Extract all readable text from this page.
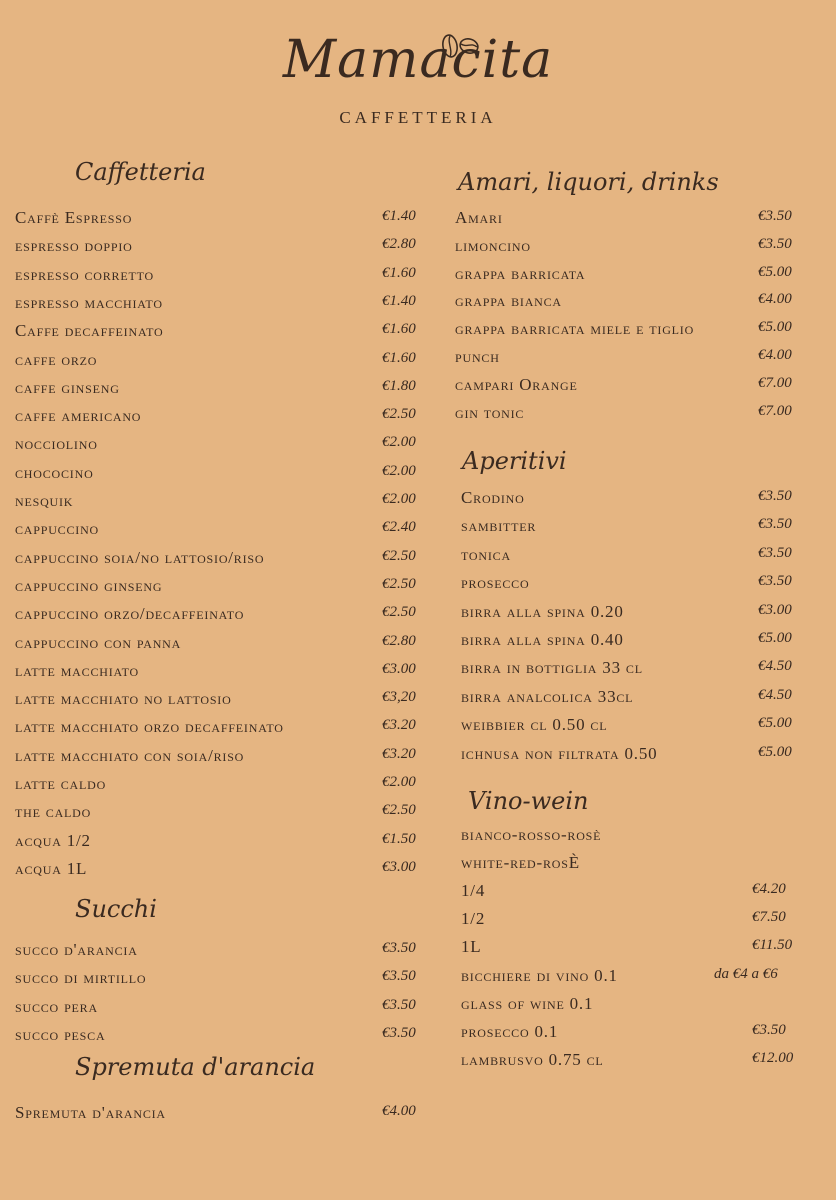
Mamacita
CAFFETTERIA
Caffetteria
Caffè Espresso	€1.40
espresso doppio	€2.80
espresso corretto	€1.60
espresso macchiato	€1.40
Caffe decaffeinato	€1.60
caffe orzo	€1.60
caffe ginseng	€1.80
caffe americano	€2.50
nocciolino	€2.00
chococino	€2.00
nesquik	€2.00
cappuccino	€2.40
cappuccino soia/no lattosio/riso	€2.50
cappuccino ginseng	€2.50
cappuccino orzo/decaffeinato	€2.50
cappuccino con panna	€2.80
latte macchiato	€3.00
latte macchiato no lattosio	€3,20
latte macchiato orzo decaffeinato	€3.20
latte macchiato con soia/riso	€3.20
latte caldo	€2.00
the caldo	€2.50
acqua 1/2	€1.50
acqua 1L	€3.00
Succhi
succo d'arancia	€3.50
succo di mirtillo	€3.50
succo pera	€3.50
succo pesca	€3.50
Spremuta d'arancia
Spremuta d'arancia	€4.00
Amari, liquori, drinks
Amari	€3.50
limoncino	€3.50
grappa barricata	€5.00
grappa bianca	€4.00
grappa barricata miele e tiglio	€5.00
punch	€4.00
campari Orange	€7.00
gin tonic	€7.00
Aperitivi
Crodino	€3.50
sambitter	€3.50
tonica	€3.50
prosecco	€3.50
birra alla spina 0.20	€3.00
birra alla spina 0.40	€5.00
birra in bottiglia 33 cl	€4.50
birra analcolica 33cl	€4.50
weibbier cl 0.50 cl	€5.00
ichnusa non filtrata 0.50	€5.00
Vino-wein
bianco-rosso-rosè
white-red-rosÈ
1/4	€4.20
1/2	€7.50
1L	€11.50
bicchiere di vino 0.1	da €4 a €6
glass of wine 0.1
prosecco 0.1	€3.50
lambrusvo 0.75 cl	€12.00
